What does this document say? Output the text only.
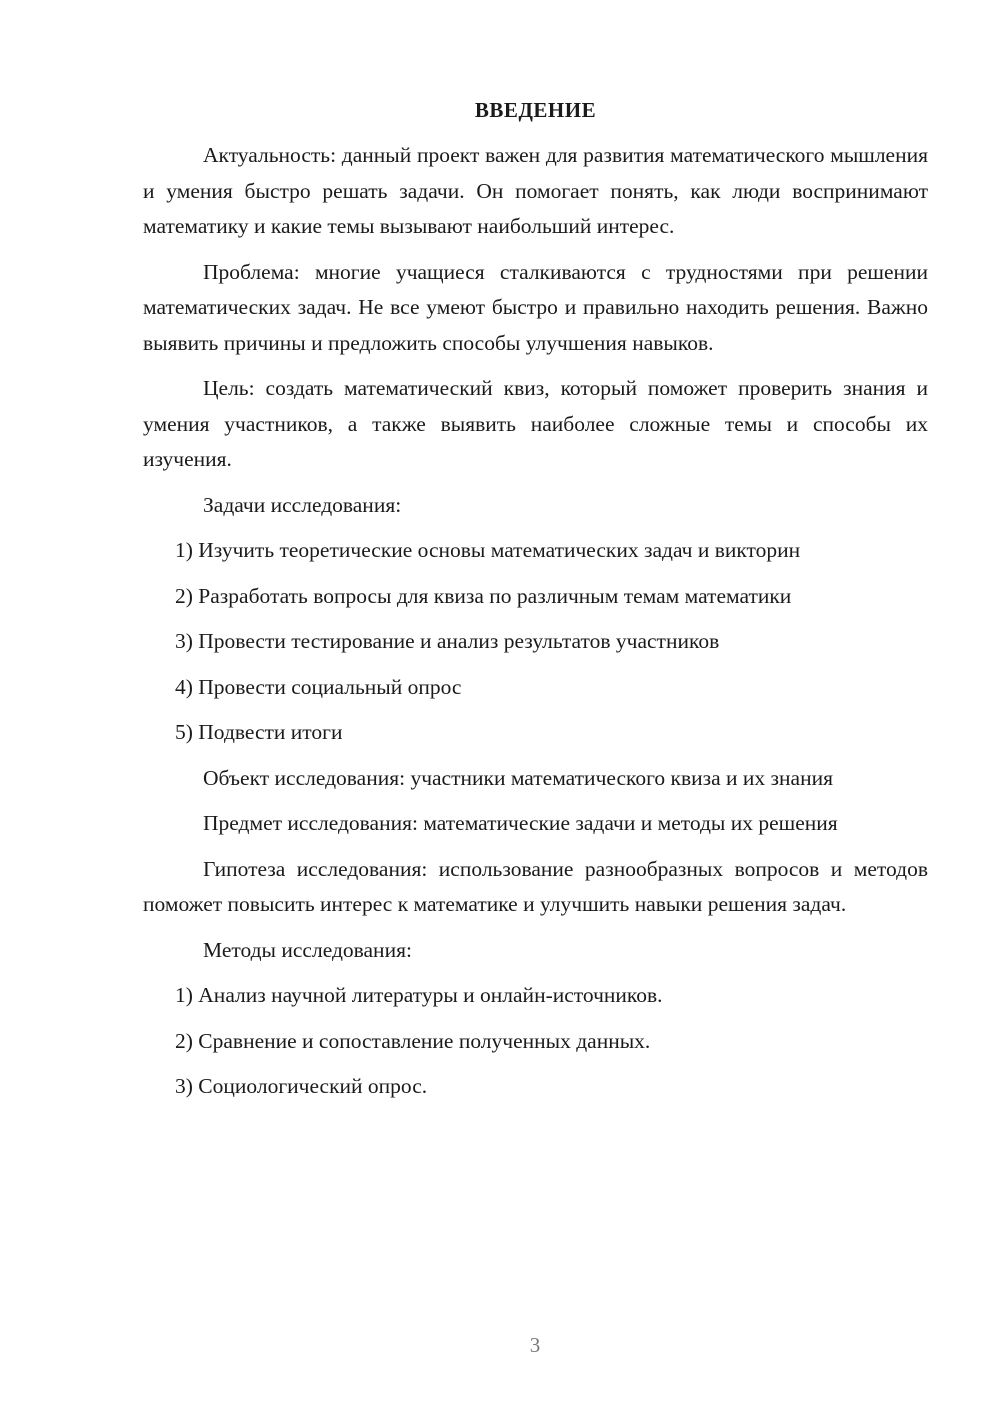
ВВЕДЕНИЕ

Актуальность: данный проект важен для развития математического мышления и умения быстро решать задачи. Он помогает понять, как люди воспринимают математику и какие темы вызывают наибольший интерес.

Проблема: многие учащиеся сталкиваются с трудностями при решении математических задач. Не все умеют быстро и правильно находить решения. Важно выявить причины и предложить способы улучшения навыков.

Цель: создать математический квиз, который поможет проверить знания и умения участников, а также выявить наиболее сложные темы и способы их изучения.

Задачи исследования:

1) Изучить теоретические основы математических задач и викторин
2) Разработать вопросы для квиза по различным темам математики
3) Провести тестирование и анализ результатов участников
4) Провести социальный опрос
5) Подвести итоги

Объект исследования: участники математического квиза и их знания

Предмет исследования: математические задачи и методы их решения

Гипотеза исследования: использование разнообразных вопросов и методов поможет повысить интерес к математике и улучшить навыки решения задач.

Методы исследования:

1) Анализ научной литературы и онлайн-источников.
2) Сравнение и сопоставление полученных данных.
3) Социологический опрос.
3
